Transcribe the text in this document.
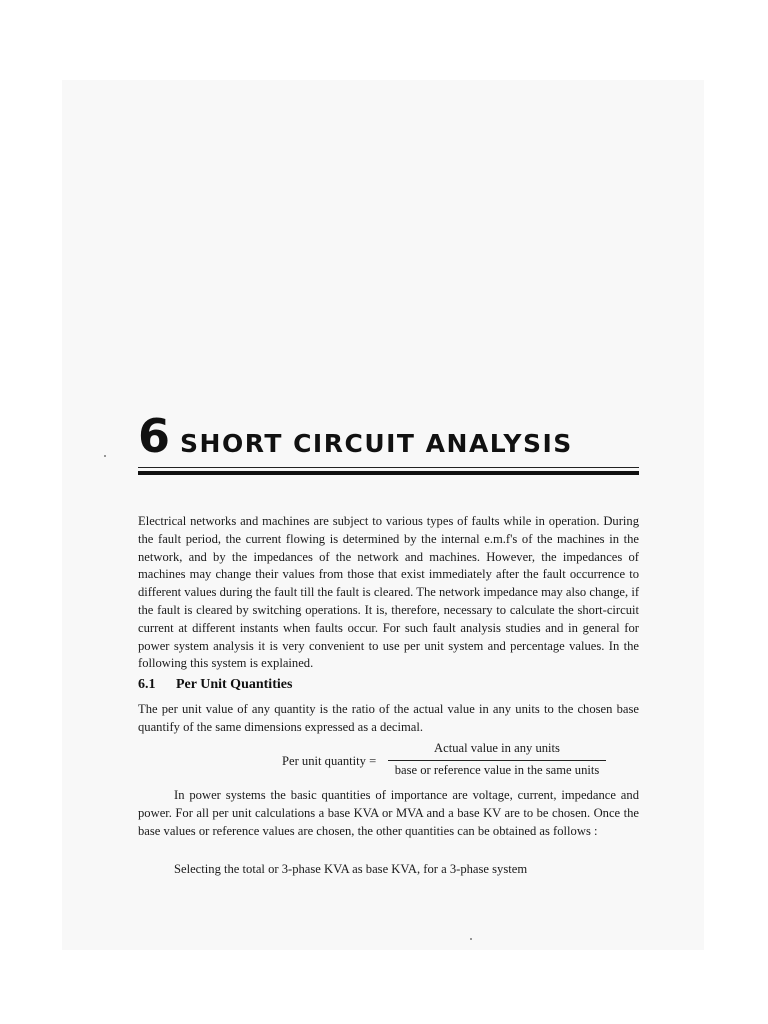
6 SHORT CIRCUIT ANALYSIS

Electrical networks and machines are subject to various types of faults while in operation. During the fault period, the current flowing is determined by the internal e.m.f's of the machines in the network, and by the impedances of the network and machines. However, the impedances of machines may change their values from those that exist immediately after the fault occurrence to different values during the fault till the fault is cleared. The network impedance may also change, if the fault is cleared by switching operations. It is, therefore, necessary to calculate the short-circuit current at different instants when faults occur. For such fault analysis studies and in general for power system analysis it is very convenient to use per unit system and percentage values. In the following this system is explained.

6.1 Per Unit Quantities

The per unit value of any quantity is the ratio of the actual value in any units to the chosen base quantify of the same dimensions expressed as a decimal.

Per unit quantity =
Actual value in any units
base or reference value in the same units

In power systems the basic quantities of importance are voltage, current, impedance and power. For all per unit calculations a base KVA or MVA and a base KV are to be chosen. Once the base values or reference values are chosen, the other quantities can be obtained as follows :

Selecting the total or 3-phase KVA as base KVA, for a 3-phase system
